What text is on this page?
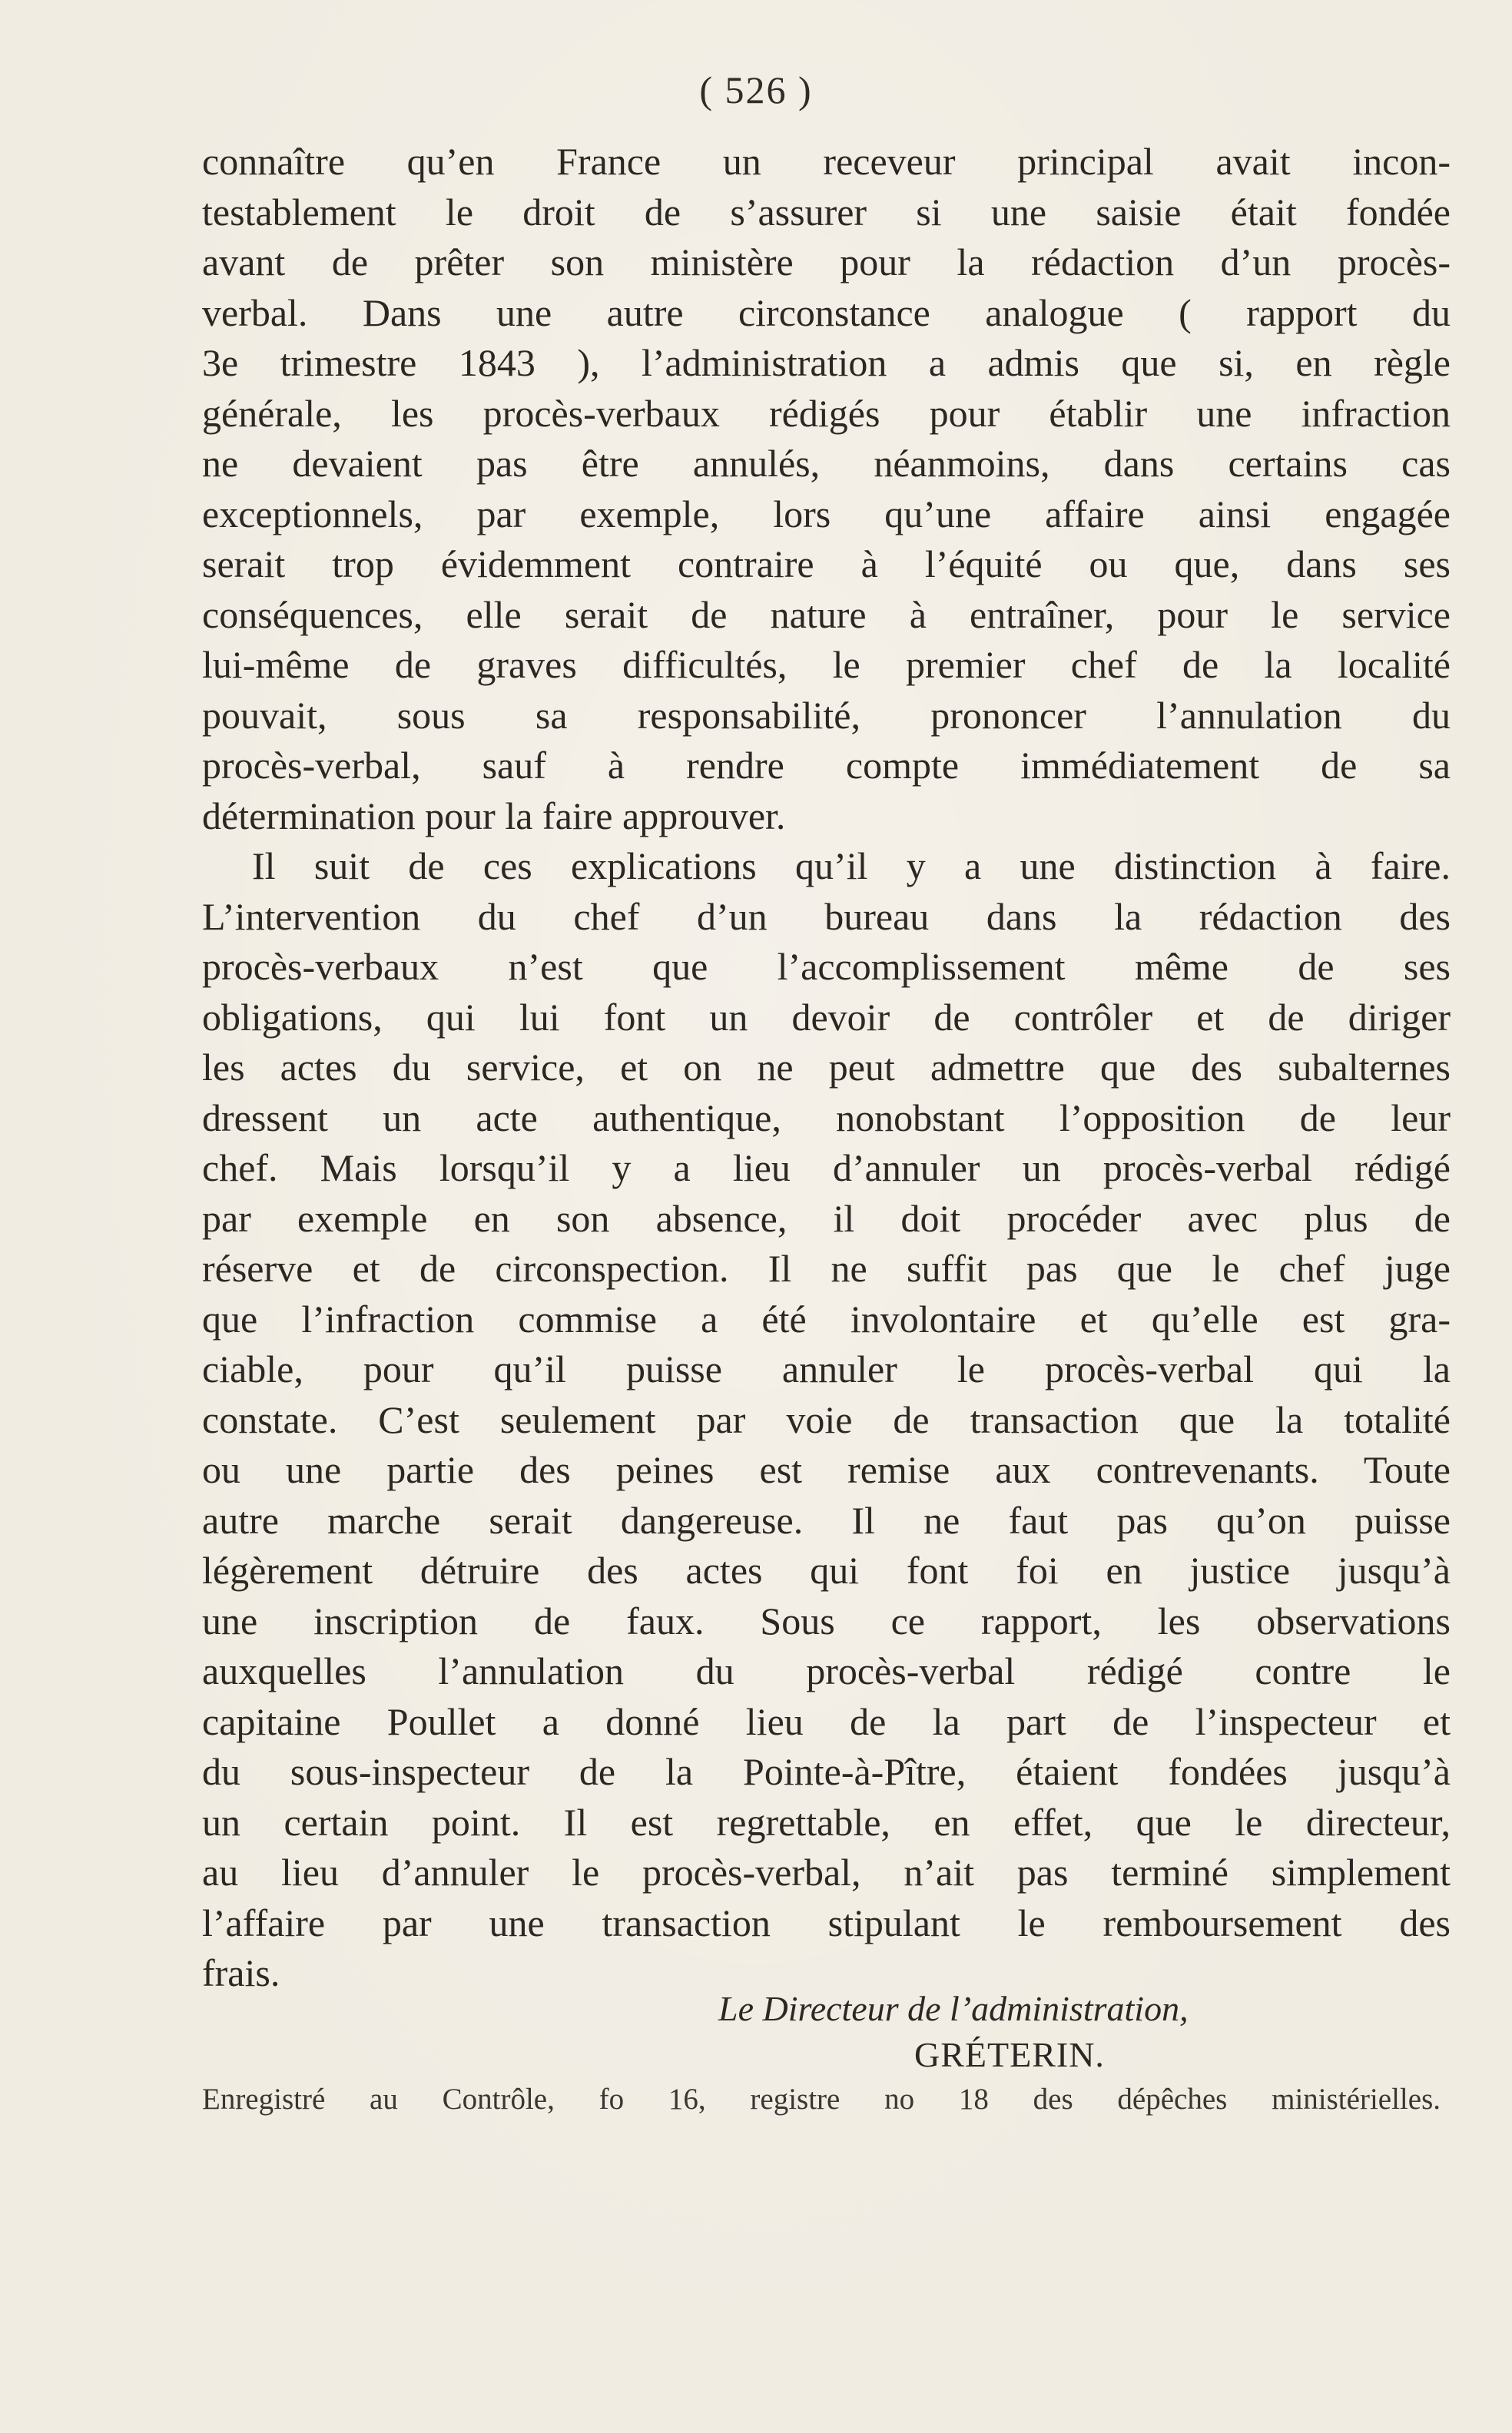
( 526 )
connaître qu’en France un receveur principal avait incon-
testablement le droit de s’assurer si une saisie était fondée
avant de prêter son ministère pour la rédaction d’un procès-
verbal. Dans une autre circonstance analogue ( rapport du
3e trimestre 1843 ), l’administration a admis que si, en règle
générale, les procès-verbaux rédigés pour établir une infraction
ne devaient pas être annulés, néanmoins, dans certains cas
exceptionnels, par exemple, lors qu’une affaire ainsi engagée
serait trop évidemment contraire à l’équité ou que, dans ses
conséquences, elle serait de nature à entraîner, pour le service
lui-même de graves difficultés, le premier chef de la localité
pouvait, sous sa responsabilité, prononcer l’annulation du
procès-verbal, sauf à rendre compte immédiatement de sa
détermination pour la faire approuver.
Il suit de ces explications qu’il y a une distinction à faire.
L’intervention du chef d’un bureau dans la rédaction des
procès-verbaux n’est que l’accomplissement même de ses
obligations, qui lui font un devoir de contrôler et de diriger
les actes du service, et on ne peut admettre que des subalternes
dressent un acte authentique, nonobstant l’opposition de leur
chef. Mais lorsqu’il y a lieu d’annuler un procès-verbal rédigé
par exemple en son absence, il doit procéder avec plus de
réserve et de circonspection. Il ne suffit pas que le chef juge
que l’infraction commise a été involontaire et qu’elle est gra-
ciable, pour qu’il puisse annuler le procès-verbal qui la
constate. C’est seulement par voie de transaction que la totalité
ou une partie des peines est remise aux contrevenants. Toute
autre marche serait dangereuse. Il ne faut pas qu’on puisse
légèrement détruire des actes qui font foi en justice jusqu’à
une inscription de faux. Sous ce rapport, les observations
auxquelles l’annulation du procès-verbal rédigé contre le
capitaine Poullet a donné lieu de la part de l’inspecteur et
du sous-inspecteur de la Pointe-à-Pître, étaient fondées jusqu’à
un certain point. Il est regrettable, en effet, que le directeur,
au lieu d’annuler le procès-verbal, n’ait pas terminé simplement
l’affaire par une transaction stipulant le remboursement des
frais.
Le Directeur de l’administration,
GRÉTERIN.
Enregistré au Contrôle, fo 16, registre no 18 des dépêches ministérielles.
